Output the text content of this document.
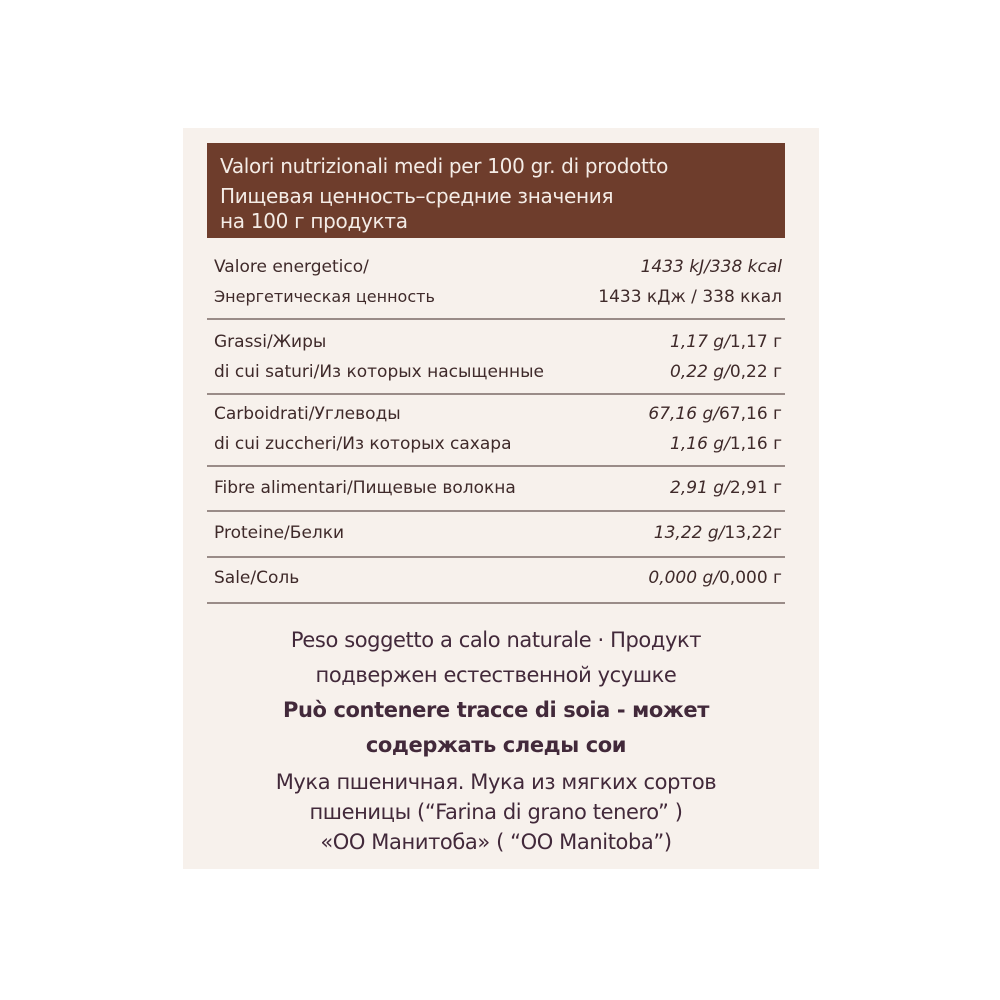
Valori nutrizionali medi per 100 gr. di prodotto
Пищевая ценность–средние значения
на 100 г продукта
Valore energetico/	1433 kJ/338 kcal
Энергетическая ценность	1433 кДж / 338 ккал
Grassi/Жиры	1,17 g/1,17 г
di cui saturi/Из которых насыщенные	0,22 g/0,22 г
Carboidrati/Углеводы	67,16 g/67,16 г
di cui zuccheri/Из которых сахара	1,16 g/1,16 г
Fibre alimentari/Пищевые волокна	2,91 g/2,91 г
Proteine/Белки	13,22 g/13,22г
Sale/Соль	0,000 g/0,000 г
Peso soggetto a calo naturale · Продукт
подвержен естественной усушке
Può contenere tracce di soia - может
содержать следы сои
Мука пшеничная. Мука из мягких сортов
пшеницы (“Farina di grano tenero” )
«ОО Манитоба» ( “ОО Manitoba”)
